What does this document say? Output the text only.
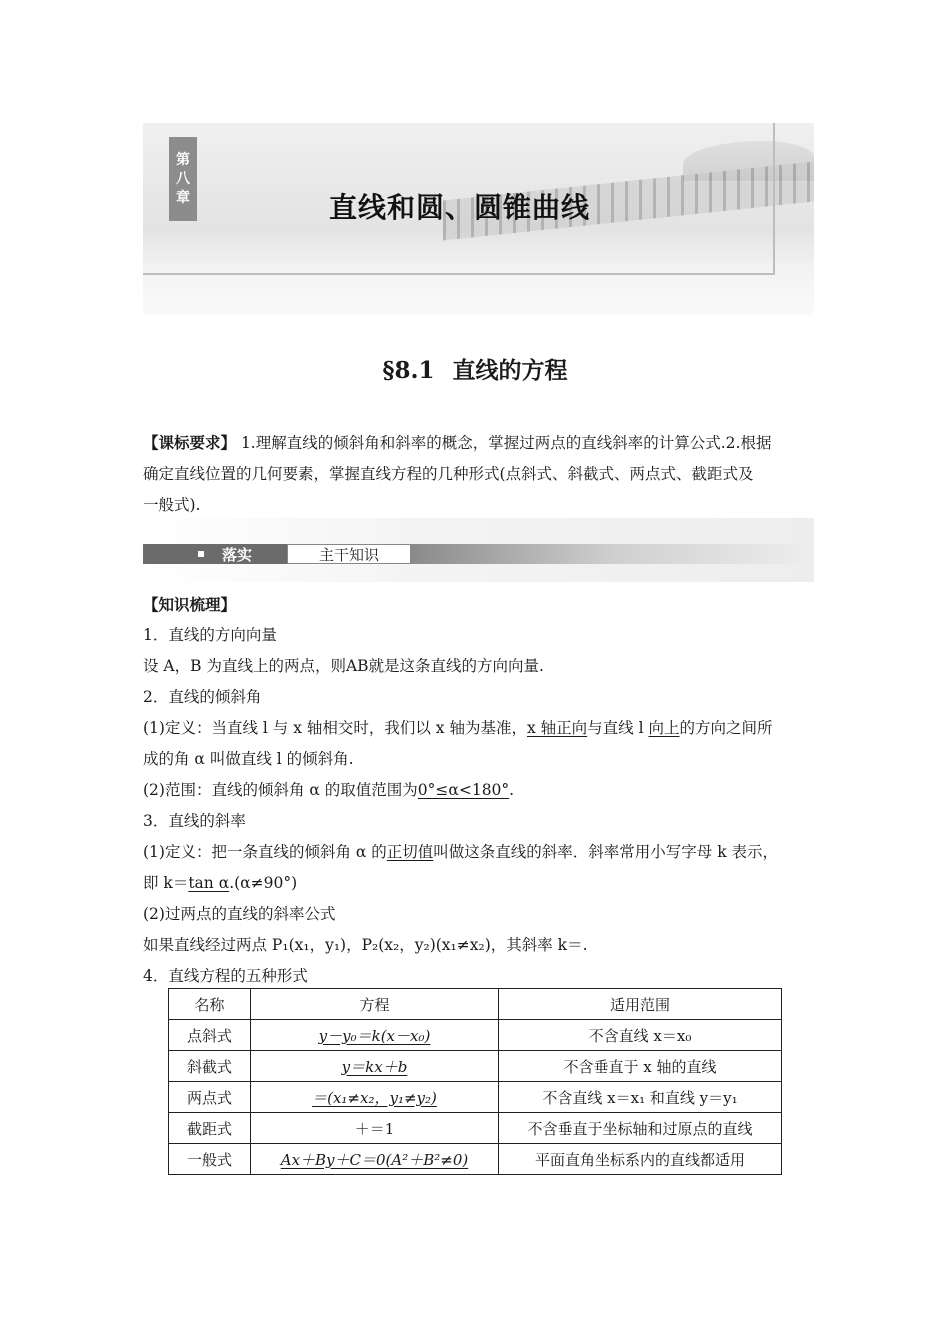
第
八
章	直线和圆、圆锥曲线
§8.1 直线的方程
【课标要求】 1.理解直线的倾斜角和斜率的概念，掌握过两点的直线斜率的计算公式.2.根据
确定直线位置的几何要素，掌握直线方程的几种形式(点斜式、斜截式、两点式、截距式及
一般式).
落实	主干知识
【知识梳理】
1．直线的方向向量
设 A，B 为直线上的两点，则AB就是这条直线的方向向量.
2．直线的倾斜角
(1)定义：当直线 l 与 x 轴相交时，我们以 x 轴为基准，x 轴正向与直线 l 向上的方向之间所
成的角 α 叫做直线 l 的倾斜角.
(2)范围：直线的倾斜角 α 的取值范围为0°≤α<180°.
3．直线的斜率
(1)定义：把一条直线的倾斜角 α 的正切值叫做这条直线的斜率．斜率常用小写字母 k 表示，
即 k＝tan α.(α≠90°)
(2)过两点的直线的斜率公式
如果直线经过两点 P₁(x₁，y₁)，P₂(x₂，y₂)(x₁≠x₂)，其斜率 k＝.
4．直线方程的五种形式
名称	方程	适用范围
点斜式	y－y₀＝k(x－x₀)	不含直线 x＝x₀
斜截式	y＝kx＋b	不含垂直于 x 轴的直线
两点式	＝(x₁≠x₂，y₁≠y₂)	不含直线 x＝x₁ 和直线 y＝y₁
截距式	＋＝1	不含垂直于坐标轴和过原点的直线
一般式	Ax＋By＋C＝0(A²＋B²≠0)	平面直角坐标系内的直线都适用
